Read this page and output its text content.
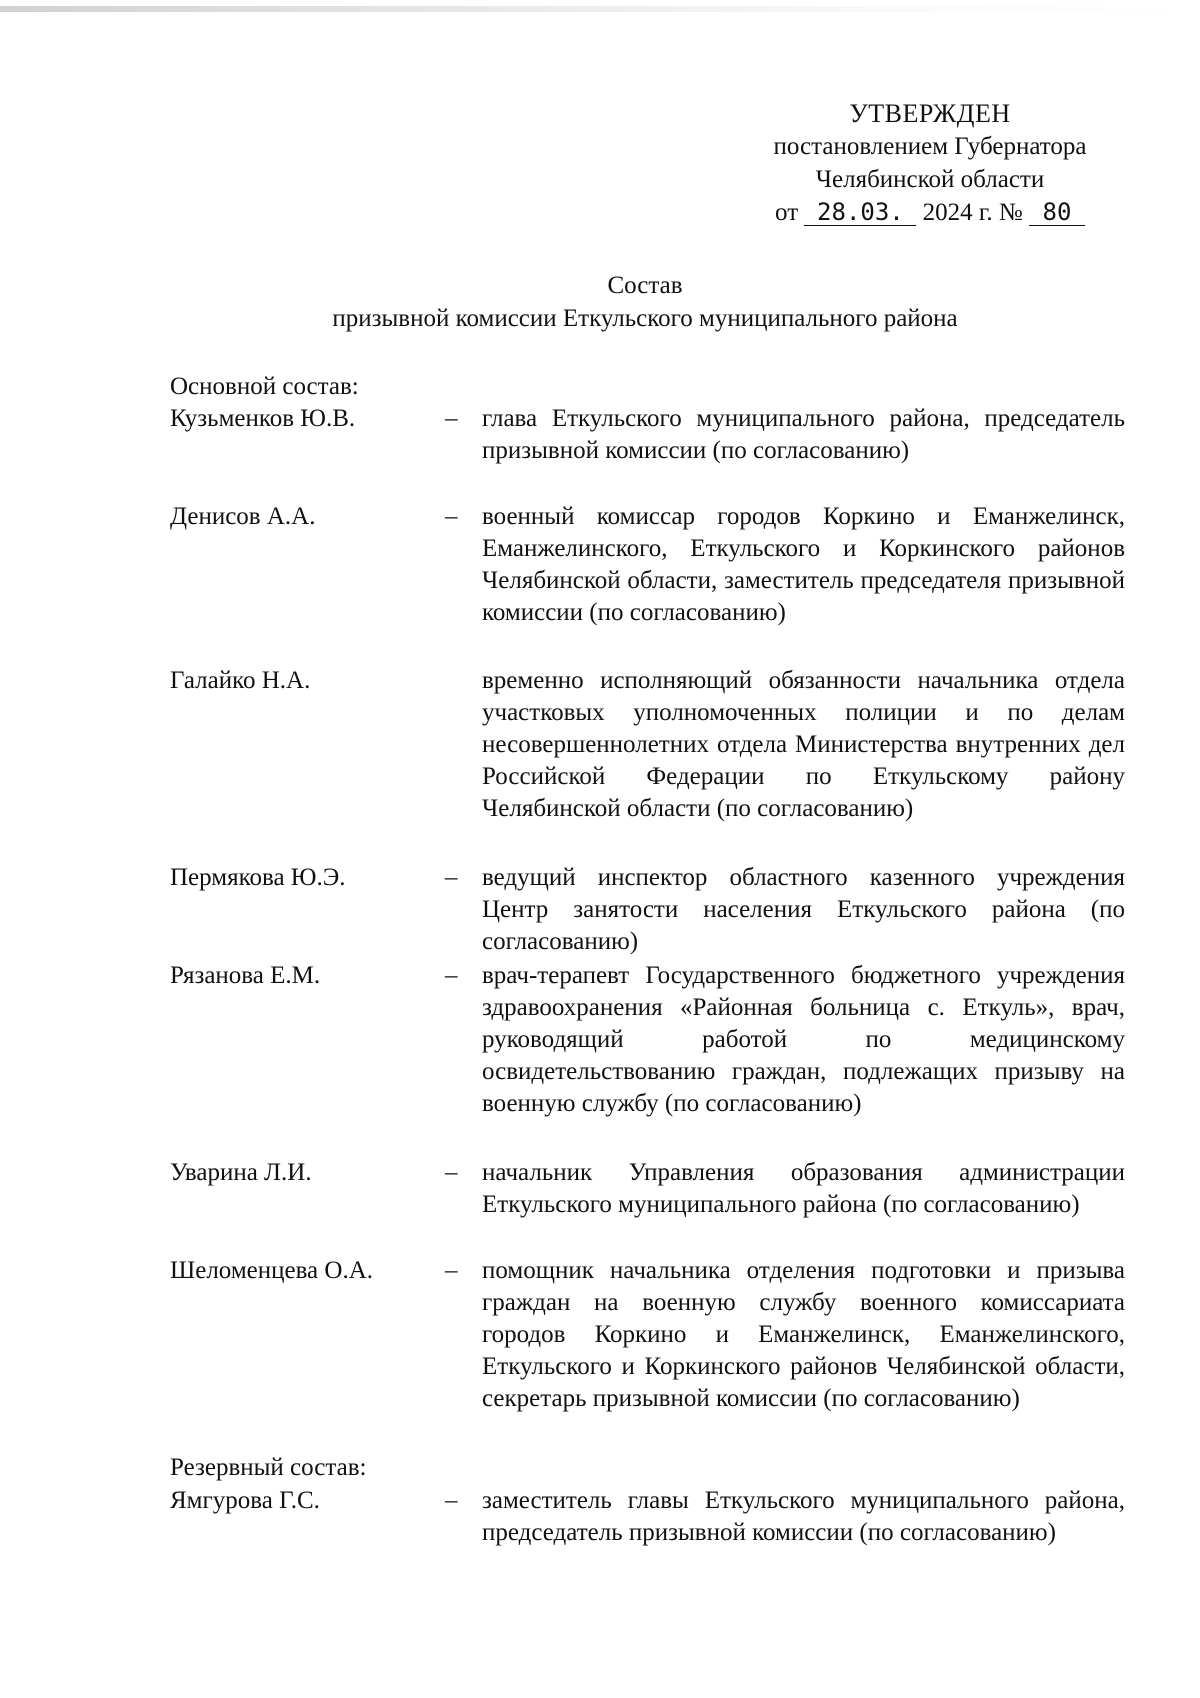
УТВЕРЖДЕН
постановлением Губернатора
Челябинской области
от 28.03. 2024 г. № 80
Состав
призывной комиссии Еткульского муниципального района
Основной состав:
Кузьменков Ю.В.	– глава Еткульского муниципального района, председатель призывной комиссии (по согласованию)
Денисов А.А.	– военный комиссар городов Коркино и Еманжелинск, Еманжелинского, Еткульского и Коркинского районов Челябинской области, заместитель председателя призывной комиссии (по согласованию)
Галайко Н.А.	временно исполняющий обязанности начальника отдела участковых уполномоченных полиции и по делам несовершеннолетних отдела Министерства внутренних дел Российской Федерации по Еткульскому району Челябинской области (по согласованию)
Пермякова Ю.Э.	– ведущий инспектор областного казенного учреждения Центр занятости населения Еткульского района (по согласованию)
Рязанова Е.М.	– врач-терапевт Государственного бюджетного учреждения здравоохранения «Районная больница с. Еткуль», врач, руководящий работой по медицинскому освидетельствованию граждан, подлежащих призыву на военную службу (по согласованию)
Уварина Л.И.	– начальник Управления образования администрации Еткульского муниципального района (по согласованию)
Шеломенцева О.А.	– помощник начальника отделения подготовки и призыва граждан на военную службу военного комиссариата городов Коркино и Еманжелинск, Еманжелинского, Еткульского и Коркинского районов Челябинской области, секретарь призывной комиссии (по согласованию)
Резервный состав:
Ямгурова Г.С.	– заместитель главы Еткульского муниципального района, председатель призывной комиссии (по согласованию)
